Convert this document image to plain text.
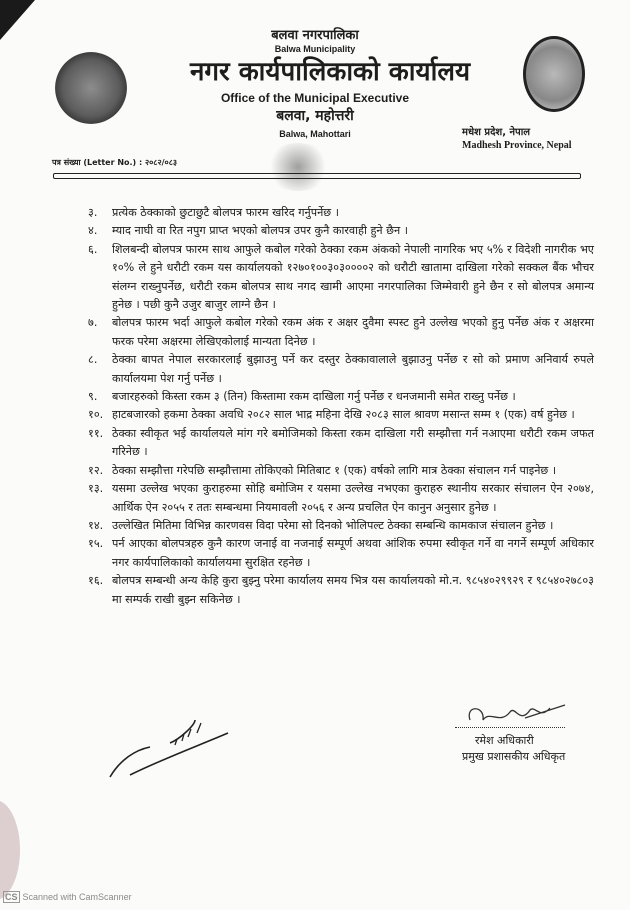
बलवा नगरपालिका
Balwa Municipality
नगर कार्यपालिकाको कार्यालय
Office of the Municipal Executive
बलवा, महोत्तरी
Balwa, Mahottari	मधेश प्रदेश, नेपाल
Madhesh Province, Nepal
पत्र संख्या (Letter No.) : २०८२/०८३
३.	प्रत्येक ठेक्काको छुटाछुटै बोलपत्र फारम खरिद गर्नुपर्नेछ ।
४.	म्याद नाघी वा रित नपुग प्राप्त भएको बोलपत्र उपर कुनै कारवाही हुने छैन ।
६.	शिलबन्दी बोलपत्र फारम साथ आफुले कबोल गरेको ठेक्का रकम अंकको नेपाली नागरिक भए ५% र विदेशी नागरीक भए १०% ले हुने धरौटी रकम यस कार्यालयको १२७०१००३०३००००२ को धरौटी खातामा दाखिला गरेको सक्कल बैंक भौचर संलग्न राख्नुपर्नेछ, धरौटी रकम बोलपत्र साथ नगद खामी आएमा नगरपालिका जिम्मेवारी हुने छैन र सो बोलपत्र अमान्य हुनेछ । पछी कुनै उजुर बाजुर लाग्ने छैन ।
७.	बोलपत्र फारम भर्दा आफुले कबोल गरेको रकम अंक र अक्षर दुवैमा स्पस्ट हुने उल्लेख भएको हुनु पर्नेछ अंक र अक्षरमा फरक परेमा अक्षरमा लेखिएकोलाई मान्यता दिनेछ ।
८.	ठेक्का बापत नेपाल सरकारलाई बुझाउनु पर्ने कर दस्तुर ठेक्कावालाले बुझाउनु पर्नेछ र सो को प्रमाण अनिवार्य रुपले कार्यालयमा पेश गर्नु पर्नेछ ।
९.	बजारहरुको किस्ता रकम ३ (तिन) किस्तामा रकम दाखिला गर्नु पर्नेछ र धनजमानी समेत राख्नु पर्नेछ ।
१०. हाटबजारको हकमा ठेक्का अवधि २०८२ साल भाद्र महिना देखि २०८३ साल श्रावण मसान्त सम्म १ (एक) वर्ष हुनेछ ।
११. ठेक्का स्वीकृत भई कार्यालयले मांग गरे बमोजिमको किस्ता रकम दाखिला गरी सम्झौत्ता गर्न नआएमा धरौटी रकम जफत गरिनेछ ।
१२. ठेक्का सम्झौत्ता गरेपछि सम्झौत्तामा तोकिएको मितिबाट १ (एक) वर्षको लागि मात्र ठेक्का संचालन गर्न पाइनेछ ।
१३. यसमा उल्लेख भएका कुराहरुमा सोहि बमोजिम र यसमा उल्लेख नभएका कुराहरु स्थानीय सरकार संचालन ऐन २०७४, आर्थिक ऐन २०५५ र ततः सम्बन्धमा नियमावली २०५६ र अन्य प्रचलित ऐन कानुन अनुसार हुनेछ ।
१४. उल्लेखित मितिमा विभिन्न कारणवस विदा परेमा सो दिनको भोलिपल्ट ठेक्का सम्बन्धि कामकाज संचालन हुनेछ ।
१५. पर्न आएका बोलपत्रहरु कुनै कारण जनाई वा नजनाई सम्पूर्ण अथवा आंशिक रुपमा स्वीकृत गर्ने वा नगर्ने सम्पूर्ण अधिकार नगर कार्यपालिकाको कार्यालयमा सुरक्षित रहनेछ ।
१६. बोलपत्र सम्बन्धी अन्य केहि कुरा बुझ्नु परेमा कार्यालय समय भित्र यस कार्यालयको मो.न. ९८५४०२९९२९ र ९८५४०२७८०३ मा सम्पर्क राखी बुझ्न सकिनेछ ।
रमेश अधिकारी
प्रमुख प्रशासकीय अधिकृत
CS Scanned with CamScanner
